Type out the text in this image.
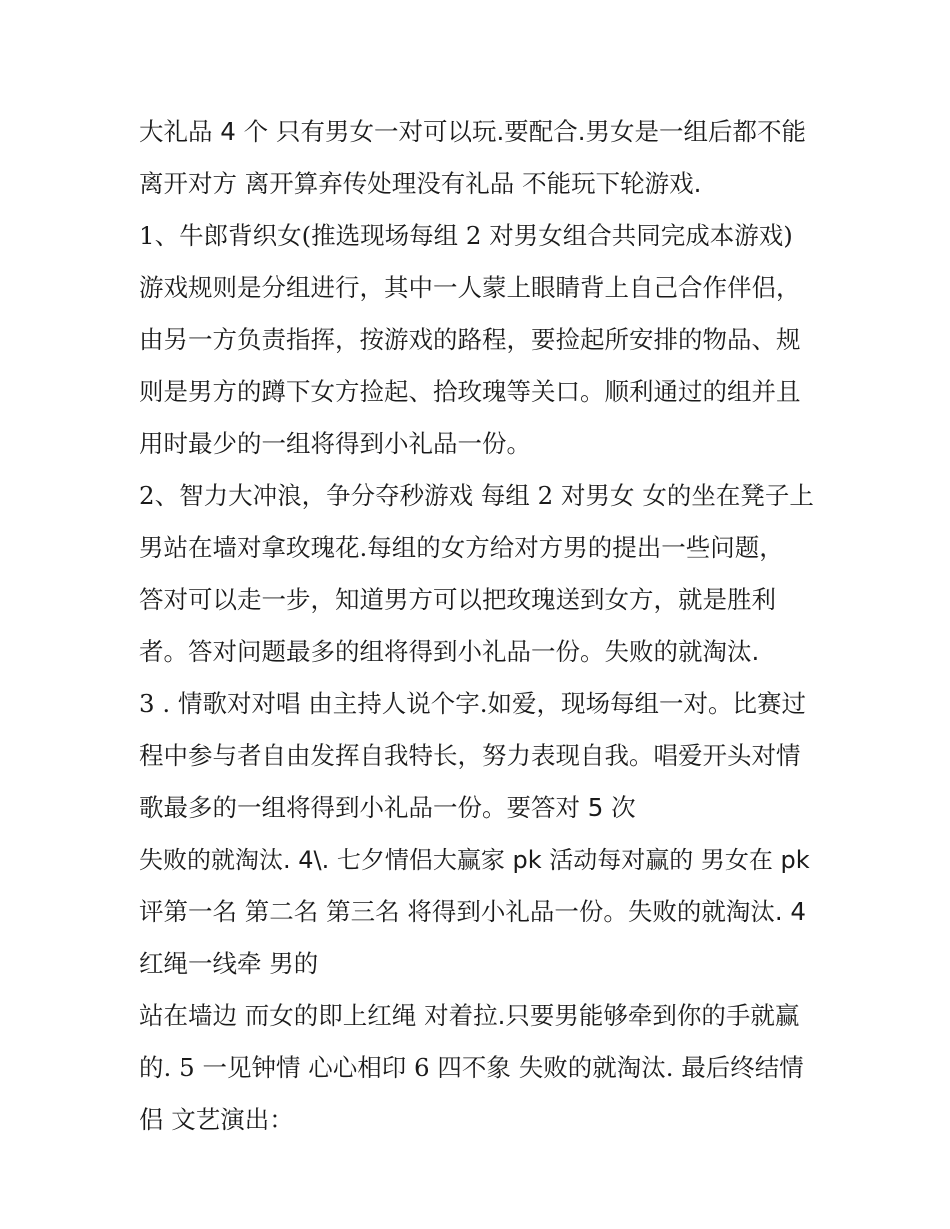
大礼品 4 个 只有男女一对可以玩.要配合.男女是一组后都不能
离开对方 离开算弃传处理没有礼品 不能玩下轮游戏.
1、牛郎背织女(推选现场每组 2 对男女组合共同完成本游戏)
游戏规则是分组进行，其中一人蒙上眼睛背上自己合作伴侣，
由另一方负责指挥，按游戏的路程，要捡起所安排的物品、规
则是男方的蹲下女方捡起、拾玫瑰等关口。顺利通过的组并且
用时最少的一组将得到小礼品一份。
2、智力大冲浪，争分夺秒游戏 每组 2 对男女 女的坐在凳子上
男站在墙对拿玫瑰花.每组的女方给对方男的提出一些问题，
答对可以走一步，知道男方可以把玫瑰送到女方，就是胜利
者。答对问题最多的组将得到小礼品一份。失败的就淘汰.
3 . 情歌对对唱 由主持人说个字.如爱，现场每组一对。比赛过
程中参与者自由发挥自我特长，努力表现自我。唱爱开头对情
歌最多的一组将得到小礼品一份。要答对 5 次
失败的就淘汰. 4\. 七夕情侣大赢家 pk 活动每对赢的 男女在 pk
评第一名 第二名 第三名 将得到小礼品一份。失败的就淘汰. 4
红绳一线牵 男的
站在墙边 而女的即上红绳 对着拉.只要男能够牵到你的手就赢
的. 5 一见钟情 心心相印 6 四不象 失败的就淘汰. 最后终结情
侣 文艺演出：
